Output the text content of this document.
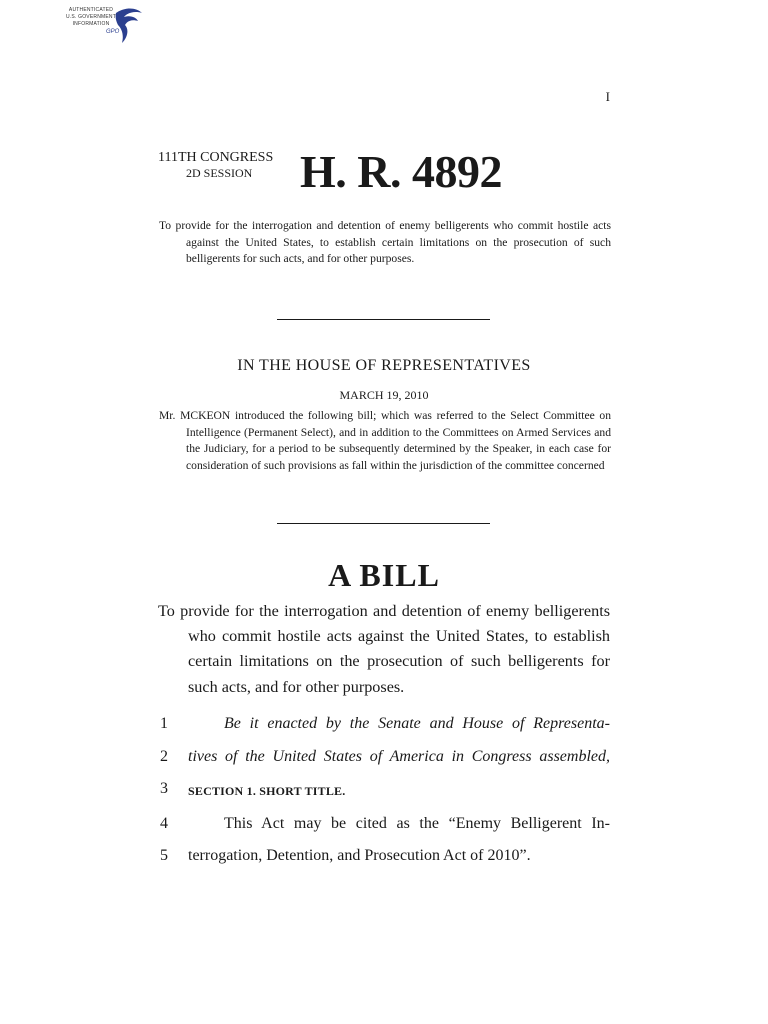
AUTHENTICATED
U.S. GOVERNMENT
INFORMATION
GPO
I
111TH CONGRESS
2D SESSION H. R. 4892
To provide for the interrogation and detention of enemy belligerents who commit hostile acts against the United States, to establish certain limitations on the prosecution of such belligerents for such acts, and for other purposes.
IN THE HOUSE OF REPRESENTATIVES
MARCH 19, 2010
Mr. MCKEON introduced the following bill; which was referred to the Select Committee on Intelligence (Permanent Select), and in addition to the Committees on Armed Services and the Judiciary, for a period to be subsequently determined by the Speaker, in each case for consideration of such provisions as fall within the jurisdiction of the committee concerned
A BILL
To provide for the interrogation and detention of enemy belligerents who commit hostile acts against the United States, to establish certain limitations on the prosecution of such belligerents for such acts, and for other purposes.
1	Be it enacted by the Senate and House of Representa-
2	tives of the United States of America in Congress assembled,
3	SECTION 1. SHORT TITLE.
4	This Act may be cited as the “Enemy Belligerent In-
5	terrogation, Detention, and Prosecution Act of 2010”.
